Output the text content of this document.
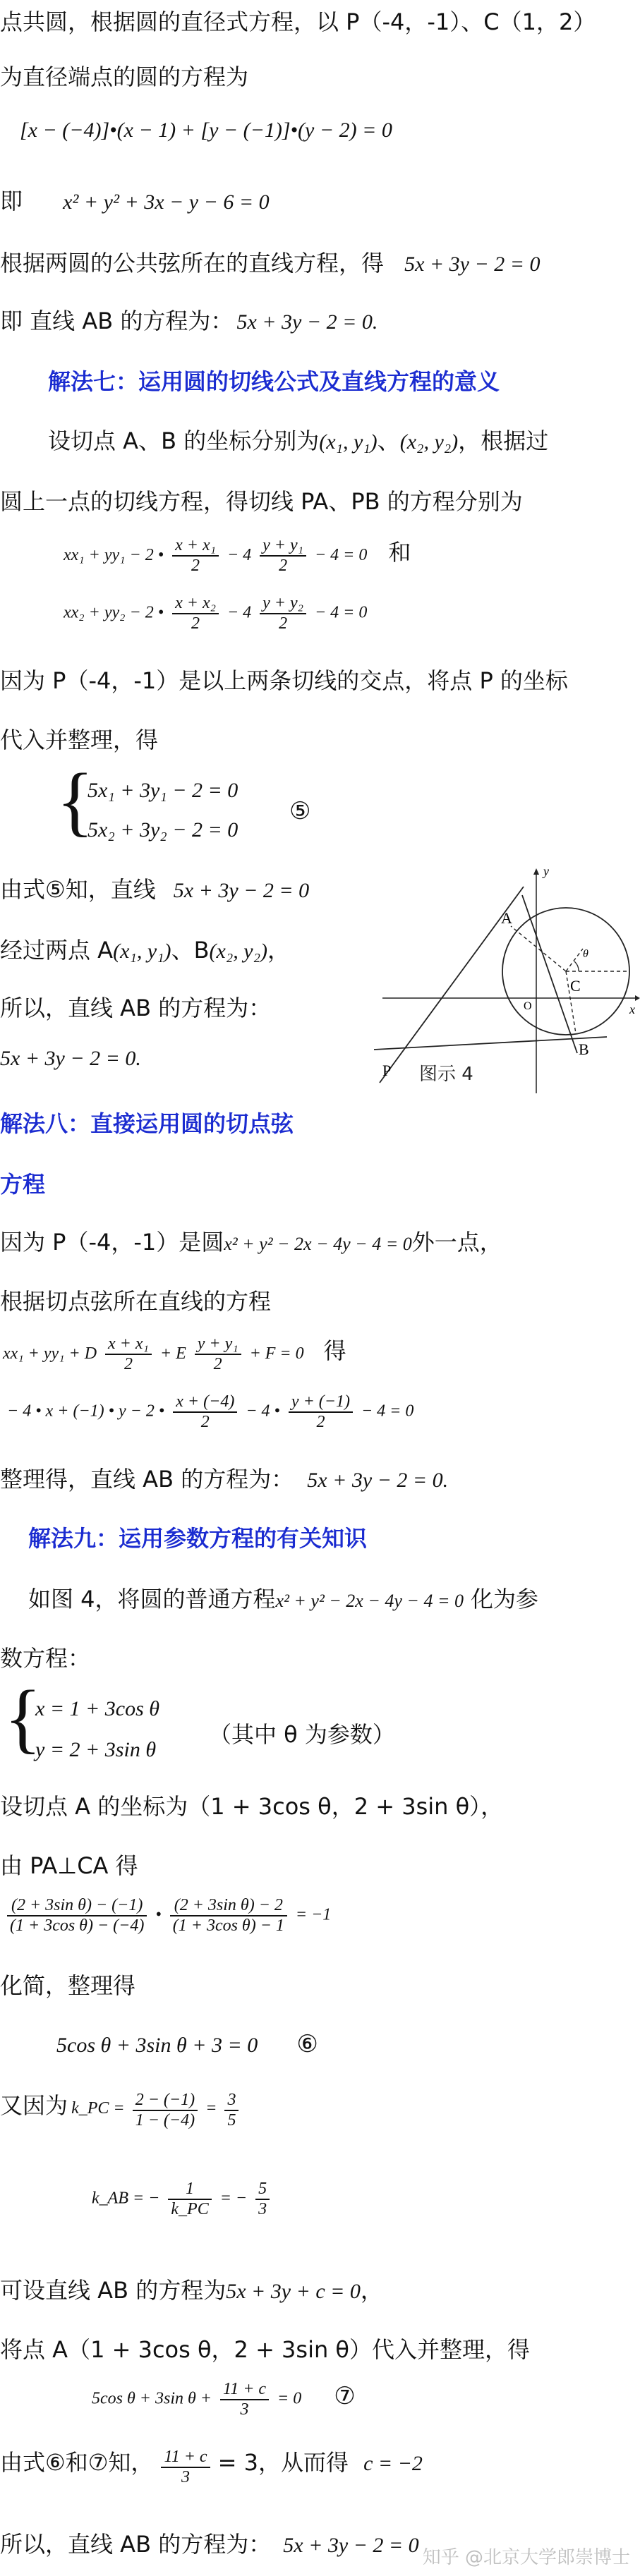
点共圆，根据圆的直径式方程，以 P（-4，-1）、C（1，2）
为直径端点的圆的方程为
[x − (−4)]•(x − 1) + [y − (−1)]•(y − 2) = 0
即 x² + y² + 3x − y − 6 = 0
根据两圆的公共弦所在的直线方程，得 5x + 3y − 2 = 0
即 直线 AB 的方程为： 5x + 3y − 2 = 0.
解法七：运用圆的切线公式及直线方程的意义
设切点 A、B 的坐标分别为(x₁, y₁)、(x₂, y₂)，根据过
圆上一点的切线方程，得切线 PA、PB 的方程分别为
xx₁ + yy₁ − 2 • $\frac{\text{x + x₁}}{2} - 4 \frac{\text{y + y₁}}{2} - 4 = 0$ 和
xx₂ + yy₂ − 2 • $\frac{\text{x + x₂}}{2} - 4 \frac{\text{y + y₂}}{2} - 4 = 0$
因为 P（-4，-1）是以上两条切线的交点，将点 P 的坐标
代入并整理，得
{
5x₁ + 3y₁ − 2 = 0
5x₂ + 3y₂ − 2 = 0
⑤
由式⑤知，直线 5x + 3y − 2 = 0
经过两点 A(x₁, y₁)、B(x₂, y₂)，
所以，直线 AB 的方程为：
5x + 3y − 2 = 0.
A
B
C
O
P
x
y
θ
图示 4
解法八：直接运用圆的切点弦
方程
因为 P（-4，-1）是圆x² + y² − 2x − 4y − 4 = 0外一点，
根据切点弦所在直线的方程
xx₁ + yy₁ + D $\frac{\text{x + x₁}}{2} + E \frac{\text{y + y₁}}{2} + F = 0$ 得
− 4 • x + (−1) • y − 2 • $\frac{x + (-4)}{2} - 4$ • $\frac{y + (-1)}{2} - 4 = 0$
整理得，直线 AB 的方程为： 5x + 3y − 2 = 0.
解法九：运用参数方程的有关知识
如图 4，将圆的普通方程x² + y² − 2x − 4y − 4 = 0 化为参
数方程：
{
x = 1 + 3cos θ
y = 2 + 3sin θ
（其中 θ 为参数）
设切点 A 的坐标为（1 + 3cos θ，2 + 3sin θ），
由 PA⊥CA 得
$\frac{\text{(2 + 3sin θ) − (−1)}}{\text{(1 + 3cos θ) − (−4)}}$ • $\frac{\text{(2 + 3sin θ) − 2}}{\text{(1 + 3cos θ) − 1}} = -1$
化简，整理得
5cos θ + 3sin θ + 3 = 0 ⑥
又因为 k_PC = $\frac{2 - (-1)}{1 - (-4)} = \frac{3}{5}$
k_AB = − $\frac{1}{k\_PC}$ = − $\frac{5}{3}$
可设直线 AB 的方程为5x + 3y + c = 0，
将点 A（1 + 3cos θ，2 + 3sin θ）代入并整理，得
5cos θ + 3sin $\theta + \frac{11 + c}{3} = 0$ ⑦
由式⑥和⑦知， $\frac{11 + c}{3} = 3$，从而得 c = −2
所以，直线 AB 的方程为： 5x + 3y − 2 = 0
知乎 @北京大学郎崇博士
